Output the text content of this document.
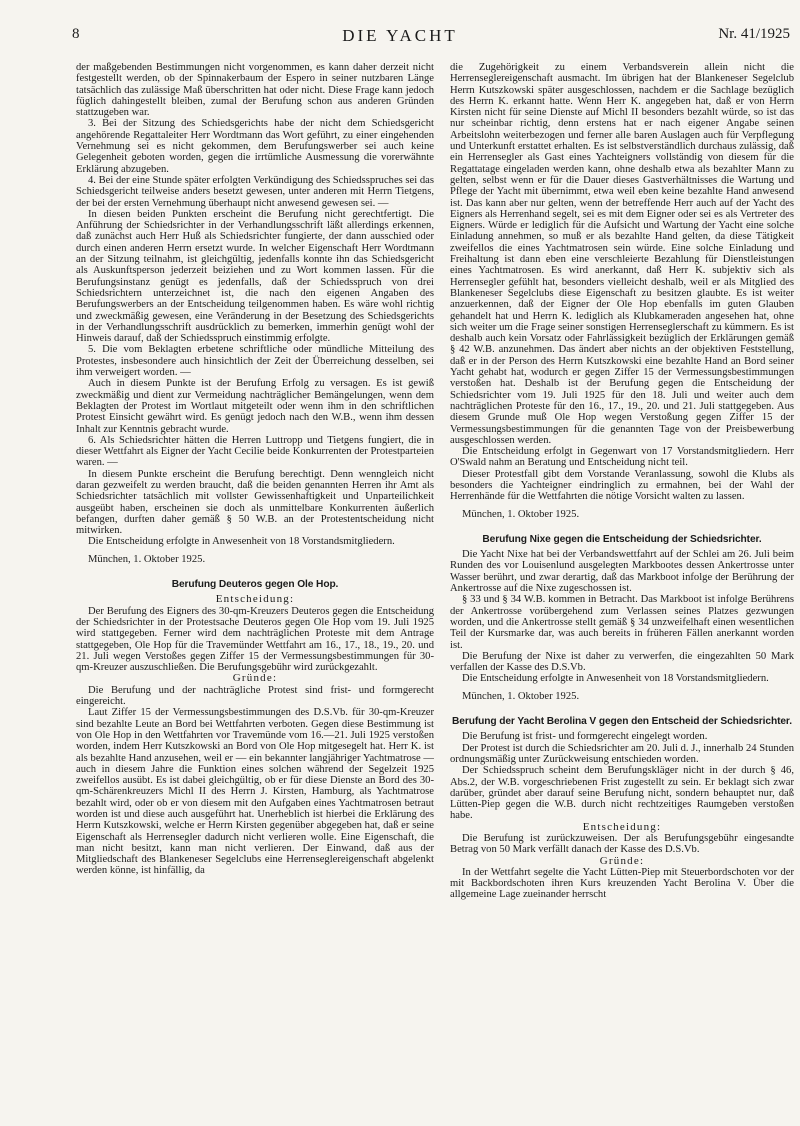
8	DIE YACHT	Nr. 41/1925

der maßgebenden Bestimmungen nicht vorgenommen, es kann daher derzeit nicht festgestellt werden, ob der Spinnakerbaum der Espero in seiner nutzbaren Länge tatsächlich das zulässige Maß überschritten hat oder nicht. Diese Frage kann jedoch füglich dahingestellt bleiben, zumal der Berufung schon aus anderen Gründen stattzugeben war.

3. Bei der Sitzung des Schiedsgerichts habe der nicht dem Schiedsgericht angehörende Regattaleiter Herr Wordtmann das Wort geführt, zu einer eingehenden Vernehmung sei es nicht gekommen, dem Berufungswerber sei auch keine Gelegenheit geboten worden, gegen die irrtümliche Ausmessung die vorerwähnte Erklärung abzugeben.

4. Bei der eine Stunde später erfolgten Verkündigung des Schiedsspruches sei das Schiedsgericht teilweise anders besetzt gewesen, unter anderen mit Herrn Tietgens, der bei der ersten Vernehmung überhaupt nicht anwesend gewesen sei. —

In diesen beiden Punkten erscheint die Berufung nicht gerechtfertigt. Die Anführung der Schiedsrichter in der Verhandlungsschrift läßt allerdings erkennen, daß zunächst auch Herr Huß als Schiedsrichter fungierte, der dann ausschied oder durch einen anderen Herrn ersetzt wurde. In welcher Eigenschaft Herr Wordtmann an der Sitzung teilnahm, ist gleichgültig, jedenfalls konnte ihn das Schiedsgericht als Auskunftsperson jederzeit beiziehen und zu Wort kommen lassen. Für die Berufungsinstanz genügt es jedenfalls, daß der Schiedsspruch von drei Schiedsrichtern unterzeichnet ist, die nach den eigenen Angaben des Berufungswerbers an der Entscheidung teilgenommen haben. Es wäre wohl richtig und zweckmäßig gewesen, eine Veränderung in der Besetzung des Schiedsgerichts in der Verhandlungsschrift ausdrücklich zu bemerken, immerhin genügt wohl der Hinweis darauf, daß der Schiedsspruch einstimmig erfolgte.

5. Die vom Beklagten erbetene schriftliche oder mündliche Mitteilung des Protestes, insbesondere auch hinsichtlich der Zeit der Überreichung desselben, sei ihm verweigert worden. —

Auch in diesem Punkte ist der Berufung Erfolg zu versagen. Es ist gewiß zweckmäßig und dient zur Vermeidung nachträglicher Bemängelungen, wenn dem Beklagten der Protest im Wortlaut mitgeteilt oder wenn ihm in den schriftlichen Protest Einsicht gewährt wird. Es genügt jedoch nach den W.B., wenn ihm dessen Inhalt zur Kenntnis gebracht wurde.

6. Als Schiedsrichter hätten die Herren Luttropp und Tietgens fungiert, die in dieser Wettfahrt als Eigner der Yacht Cecilie beide Konkurrenten der Protestparteien waren. —

In diesem Punkte erscheint die Berufung berechtigt. Denn wenngleich nicht daran gezweifelt zu werden braucht, daß die beiden genannten Herren ihr Amt als Schiedsrichter tatsächlich mit vollster Gewissenhaftigkeit und Unparteilichkeit ausgeübt haben, erscheinen sie doch als unmittelbare Konkurrenten äußerlich befangen, durften daher gemäß § 50 W.B. an der Protestentscheidung nicht mitwirken.

Die Entscheidung erfolgte in Anwesenheit von 18 Vorstandsmitgliedern.

München, 1. Oktober 1925.

Berufung Deuteros gegen Ole Hop.

Entscheidung:

Der Berufung des Eigners des 30-qm-Kreuzers Deuteros gegen die Entscheidung der Schiedsrichter in der Protestsache Deuteros gegen Ole Hop vom 19. Juli 1925 wird stattgegeben. Ferner wird dem nachträglichen Proteste mit dem Antrage stattgegeben, Ole Hop für die Travemünder Wettfahrt am 16., 17., 18., 19., 20. und 21. Juli wegen Verstoßes gegen Ziffer 15 der Vermessungsbestimmungen für 30-qm-Kreuzer auszuschließen. Die Berufungsgebühr wird zurückgezahlt.

Gründe:

Die Berufung und der nachträgliche Protest sind frist- und formgerecht eingereicht.

Laut Ziffer 15 der Vermessungsbestimmungen des D.S.Vb. für 30-qm-Kreuzer sind bezahlte Leute an Bord bei Wettfahrten verboten. Gegen diese Bestimmung ist von Ole Hop in den Wettfahrten vor Travemünde vom 16.—21. Juli 1925 verstoßen worden, indem Herr Kutszkowski an Bord von Ole Hop mitgesegelt hat. Herr K. ist als bezahlte Hand anzusehen, weil er — ein bekannter langjähriger Yachtmatrose — auch in diesem Jahre die Funktion eines solchen während der Segelzeit 1925 zweifellos ausübt. Es ist dabei gleichgültig, ob er für diese Dienste an Bord des 30-qm-Schärenkreuzers Michl II des Herrn J. Kirsten, Hamburg, als Yachtmatrose bezahlt wird, oder ob er von diesem mit den Aufgaben eines Yachtmatrosen betraut worden ist und diese auch ausgeführt hat. Unerheblich ist hierbei die Erklärung des Herrn Kutszkowski, welche er Herrn Kirsten gegenüber abgegeben hat, daß er seine Eigenschaft als Herrensegler dadurch nicht verlieren wolle. Eine Eigenschaft, die man nicht besitzt, kann man nicht verlieren. Der Einwand, daß aus der Mitgliedschaft des Blankeneser Segelclubs eine Herrenseglereigenschaft abgelenkt werden könne, ist hinfällig, da

die Zugehörigkeit zu einem Verbandsverein allein nicht die Herrenseglereigenschaft ausmacht. Im übrigen hat der Blankeneser Segelclub Herrn Kutszkowski später ausgeschlossen, nachdem er die Sachlage bezüglich des Herrn K. erkannt hatte. Wenn Herr K. angegeben hat, daß er von Herrn Kirsten nicht für seine Dienste auf Michl II besonders bezahlt würde, so ist das nur scheinbar richtig, denn erstens hat er nach eigener Angabe seinen Arbeitslohn weiterbezogen und ferner alle baren Auslagen auch für Verpflegung und Unterkunft erstattet erhalten. Es ist selbstverständlich durchaus zulässig, daß ein Herrensegler als Gast eines Yachteigners vollständig von diesem für die Regattatage eingeladen werden kann, ohne deshalb etwa als bezahlter Mann zu gelten, selbst wenn er für die Dauer dieses Gastverhältnisses die Wartung und Pflege der Yacht mit übernimmt, etwa weil eben keine bezahlte Hand anwesend ist. Das kann aber nur gelten, wenn der betreffende Herr auch auf der Yacht des Eigners als Herrenhand segelt, sei es mit dem Eigner oder sei es als Vertreter des Eigners. Würde er lediglich für die Aufsicht und Wartung der Yacht eine solche Einladung annehmen, so muß er als bezahlte Hand gelten, da diese Tätigkeit zweifellos die eines Yachtmatrosen sein würde. Eine solche Einladung und Freihaltung ist dann eben eine verschleierte Bezahlung für Dienstleistungen eines Yachtmatrosen. Es wird anerkannt, daß Herr K. subjektiv sich als Herrensegler gefühlt hat, besonders vielleicht deshalb, weil er als Mitglied des Blankeneser Segelclubs diese Eigenschaft zu besitzen glaubte. Es ist weiter anzuerkennen, daß der Eigner der Ole Hop ebenfalls im guten Glauben gehandelt hat und Herrn K. lediglich als Klubkameraden angesehen hat, ohne sich weiter um die Frage seiner sonstigen Herrenseglerschaft zu kümmern. Es ist deshalb auch kein Vorsatz oder Fahrlässigkeit bezüglich der Erklärungen gemäß § 42 W.B. anzunehmen. Das ändert aber nichts an der objektiven Feststellung, daß er in der Person des Herrn Kutszkowski eine bezahlte Hand an Bord seiner Yacht gehabt hat, wodurch er gegen Ziffer 15 der Vermessungsbestimmungen verstoßen hat. Deshalb ist der Berufung gegen die Entscheidung der Schiedsrichter vom 19. Juli 1925 für den 18. Juli und weiter auch dem nachträglichen Proteste für den 16., 17., 19., 20. und 21. Juli stattgegeben. Aus diesem Grunde muß Ole Hop wegen Verstoßung gegen Ziffer 15 der Vermessungsbestimmungen für die genannten Tage von der Preisbewerbung ausgeschlossen werden.

Die Entscheidung erfolgt in Gegenwart von 17 Vorstandsmitgliedern. Herr O'Swald nahm an Beratung und Entscheidung nicht teil.

Dieser Protestfall gibt dem Vorstande Veranlassung, sowohl die Klubs als besonders die Yachteigner eindringlich zu ermahnen, bei der Wahl der Herrenhände für die Wettfahrten die nötige Vorsicht walten zu lassen.

München, 1. Oktober 1925.

Berufung Nixe gegen die Entscheidung der Schiedsrichter.

Die Yacht Nixe hat bei der Verbandswettfahrt auf der Schlei am 26. Juli beim Runden des vor Louisenlund ausgelegten Markbootes dessen Ankertrosse unter Wasser berührt, und zwar derartig, daß das Markboot infolge der Berührung der Ankertrosse auf die Nixe zugeschossen ist.

§ 33 und § 34 W.B. kommen in Betracht. Das Markboot ist infolge Berührens der Ankertrosse vorübergehend zum Verlassen seines Platzes gezwungen worden, und die Ankertrosse stellt gemäß § 34 unzweifelhaft einen wesentlichen Teil der Kursmarke dar, was auch bereits in früheren Fällen anerkannt worden ist.

Die Berufung der Nixe ist daher zu verwerfen, die eingezahlten 50 Mark verfallen der Kasse des D.S.Vb.

Die Entscheidung erfolgte in Anwesenheit von 18 Vorstandsmitgliedern.

München, 1. Oktober 1925.

Berufung der Yacht Berolina V gegen den Entscheid der Schiedsrichter.

Die Berufung ist frist- und formgerecht eingelegt worden.

Der Protest ist durch die Schiedsrichter am 20. Juli d. J., innerhalb 24 Stunden ordnungsmäßig unter Zurückweisung entschieden worden.

Der Schiedsspruch scheint dem Berufungskläger nicht in der durch § 46, Abs.2, der W.B. vorgeschriebenen Frist zugestellt zu sein. Er beklagt sich zwar darüber, gründet aber darauf seine Berufung nicht, sondern behauptet nur, daß Lütten-Piep gegen die W.B. durch nicht rechtzeitiges Raumgeben verstoßen habe.

Entscheidung:

Die Berufung ist zurückzuweisen. Der als Berufungsgebühr eingesandte Betrag von 50 Mark verfällt danach der Kasse des D.S.Vb.

Gründe:

In der Wettfahrt segelte die Yacht Lütten-Piep mit Steuerbordschoten vor der mit Backbordschoten ihren Kurs kreuzenden Yacht Berolina V. Über die allgemeine Lage zueinander herrscht
